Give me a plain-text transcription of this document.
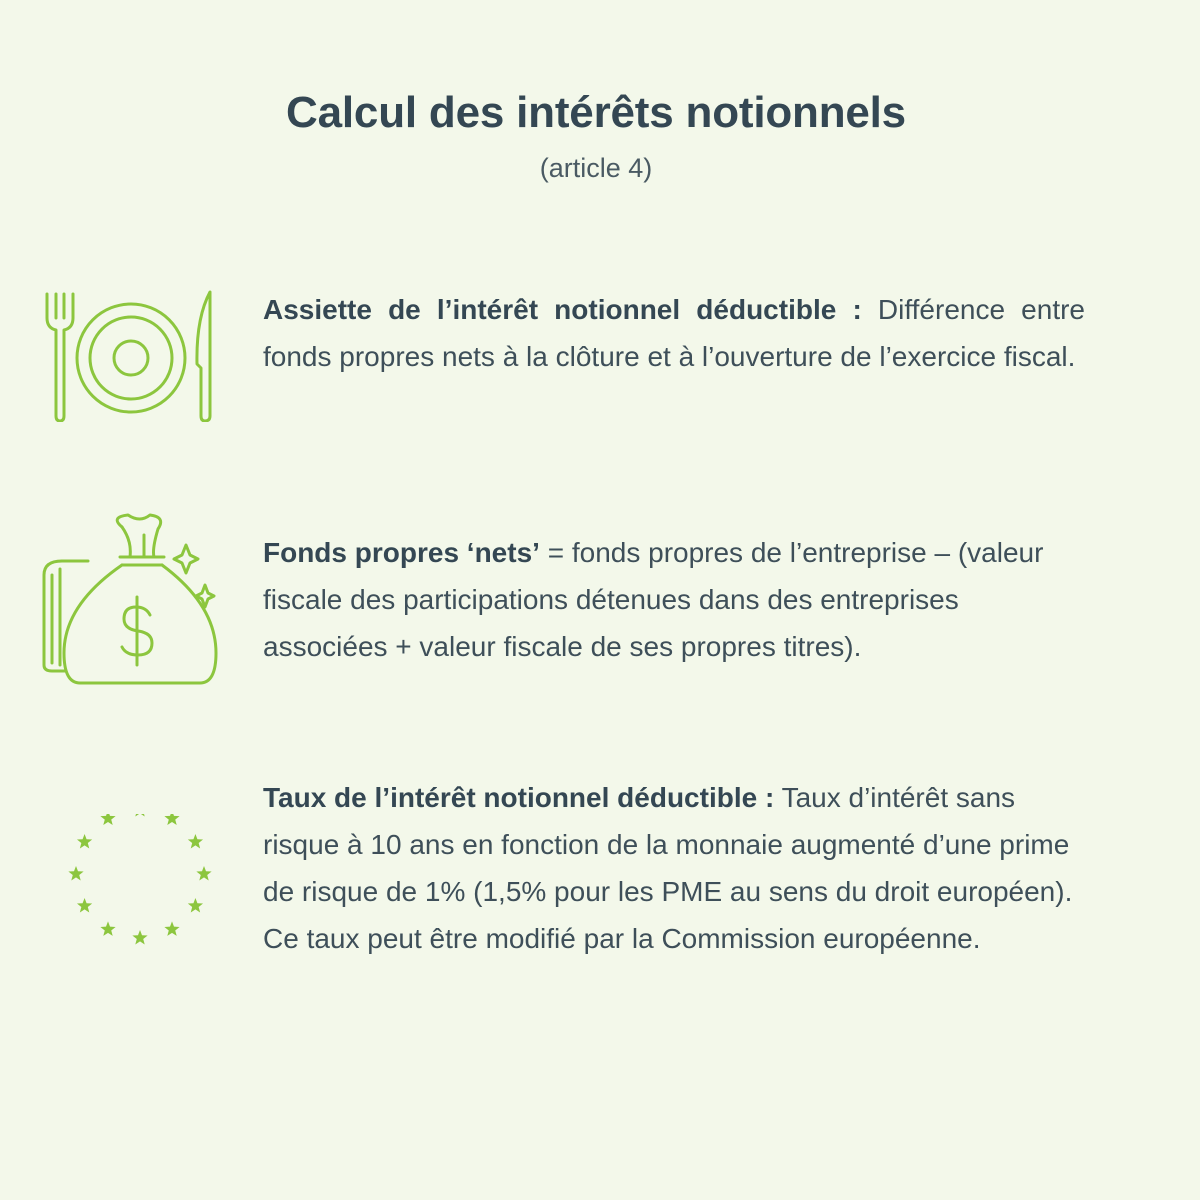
Calcul des intérêts notionnels
(article 4)
Assiette de l’intérêt notionnel déductible : Différence entre fonds propres nets à la clôture et à l’ouverture de l’exercice fiscal.
Fonds propres ‘nets’ = fonds propres de l’entreprise – (valeur fiscale des participations détenues dans des entreprises associées + valeur fiscale de ses propres titres).
Taux de l’intérêt notionnel déductible : Taux d’intérêt sans risque à 10 ans en fonction de la monnaie augmenté d’une prime de risque de 1% (1,5% pour les PME au sens du droit européen). Ce taux peut être modifié par la Commission européenne.
